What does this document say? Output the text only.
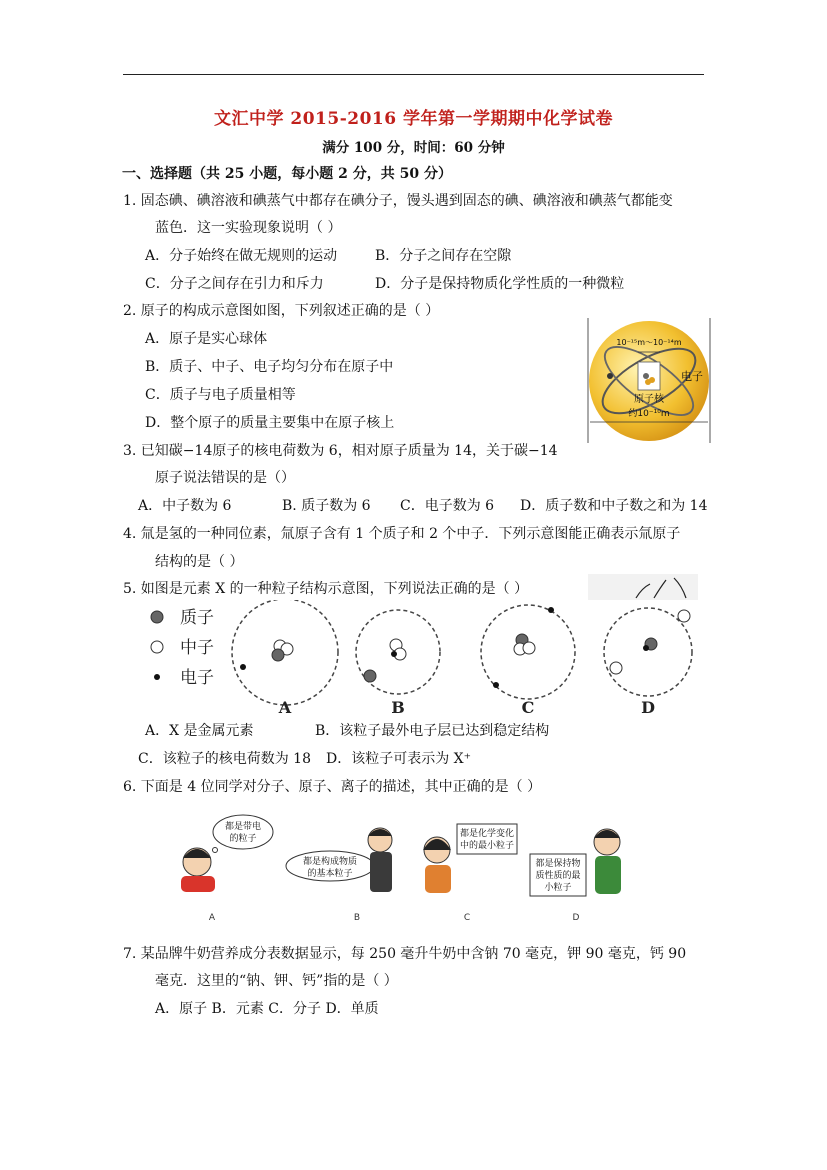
文汇中学 2015-2016 学年第一学期期中化学试卷
满分 100 分，时间：60 分钟
一、选择题（共 25 小题，每小题 2 分，共 50 分）
1. 固态碘、碘溶液和碘蒸气中都存在碘分子，馒头遇到固态的碘、碘溶液和碘蒸气都能变
蓝色．这一实验现象说明（ ）
A．分子始终在做无规则的运动	B．分子之间存在空隙
C．分子之间存在引力和斥力	D．分子是保持物质化学性质的一种微粒
2. 原子的构成示意图如图，下列叙述正确的是（ ）
A．原子是实心球体
B．质子、中子、电子均匀分布在原子中
C．质子与电子质量相等
D．整个原子的质量主要集中在原子核上
10⁻¹⁵m～10⁻¹⁴m
电子
原子核
约10⁻¹⁰m
3. 已知碳−14原子的核电荷数为 6，相对原子质量为 14，关于碳−14
原子说法错误的是（）
A．中子数为 6	B. 质子数为 6 C．电子数为 6 D．质子数和中子数之和为 14
4. 氚是氢的一种同位素，氚原子含有 1 个质子和 2 个中子．下列示意图能正确表示氚原子
结构的是（ ）
5. 如图是元素 X 的一种粒子结构示意图，下列说法正确的是（ ）
质子
中子
电子
A	B	C	D
A．X 是金属元素	B．该粒子最外电子层已达到稳定结构
C．该粒子的核电荷数为 18 D．该粒子可表示为 X⁺
6. 下面是 4 位同学对分子、原子、离子的描述，其中正确的是（ ）
都是带电
的粒子
都是构成物质
的基本粒子
都是化学变化
中的最小粒子
都是保持物
质性质的最
小粒子
A	B	C	D
7. 某品牌牛奶营养成分表数据显示，每 250 毫升牛奶中含钠 70 毫克，钾 90 毫克，钙 90
毫克．这里的“钠、钾、钙”指的是（ ）
A．原子 B．元素 C．分子 D．单质
